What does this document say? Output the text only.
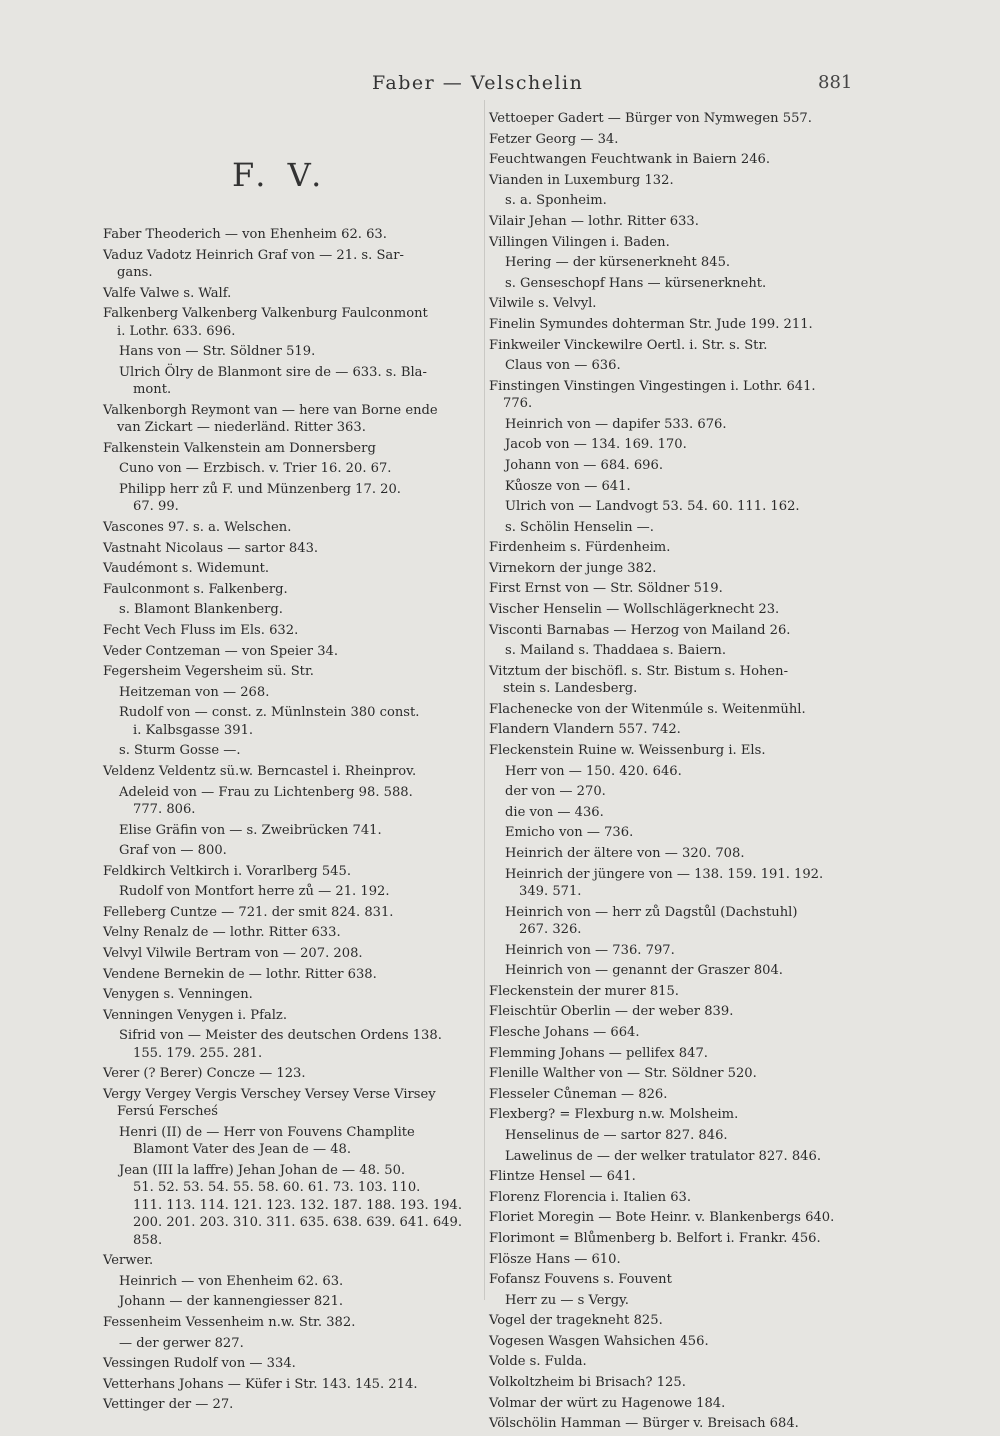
Faber — Velschelin	881
F. V.
Faber Theoderich — von Ehenheim 62. 63.
Vaduz Vadotz Heinrich Graf von — 21. s. Sar-
gans.
Valfe Valwe s. Walf.
Falkenberg Valkenberg Valkenburg Faulconmont
i. Lothr. 633. 696.
Hans von — Str. Söldner 519.
Ulrich Ölry de Blanmont sire de — 633. s. Bla-
mont.
Valkenborgh Reymont van — here van Borne ende
van Zickart — niederländ. Ritter 363.
Falkenstein Valkenstein am Donnersberg
Cuno von — Erzbisch. v. Trier 16. 20. 67.
Philipp herr zů F. und Münzenberg 17. 20.
67. 99.
Vascones 97. s. a. Welschen.
Vastnaht Nicolaus — sartor 843.
Vaudémont s. Widemunt.
Faulconmont s. Falkenberg.
s. Blamont Blankenberg.
Fecht Vech Fluss im Els. 632.
Veder Contzeman — von Speier 34.
Fegersheim Vegersheim sü. Str.
Heitzeman von — 268.
Rudolf von — const. z. Münlnstein 380 const.
i. Kalbsgasse 391.
s. Sturm Gosse —.
Veldenz Veldentz sü.w. Berncastel i. Rheinprov.
Adeleid von — Frau zu Lichtenberg 98. 588.
777. 806.
Elise Gräfin von — s. Zweibrücken 741.
Graf von — 800.
Feldkirch Veltkirch i. Vorarlberg 545.
Rudolf von Montfort herre zů — 21. 192.
Felleberg Cuntze — 721. der smit 824. 831.
Velny Renalz de — lothr. Ritter 633.
Velvyl Vilwile Bertram von — 207. 208.
Vendene Bernekin de — lothr. Ritter 638.
Venygen s. Venningen.
Venningen Venygen i. Pfalz.
Sifrid von — Meister des deutschen Ordens 138.
155. 179. 255. 281.
Verer (? Berer) Concze — 123.
Vergy Vergey Vergis Verschey Versey Verse Virsey
Fersú Ferscheś
Henri (II) de — Herr von Fouvens Champlite
Blamont Vater des Jean de — 48.
Jean (III la laffre) Jehan Johan de — 48. 50.
51. 52. 53. 54. 55. 58. 60. 61. 73. 103. 110.
111. 113. 114. 121. 123. 132. 187. 188. 193. 194.
200. 201. 203. 310. 311. 635. 638. 639. 641. 649.
858.
Verwer.
Heinrich — von Ehenheim 62. 63.
Johann — der kannengiesser 821.
Fessenheim Vessenheim n.w. Str. 382.
— der gerwer 827.
Vessingen Rudolf von — 334.
Vetterhans Johans — Küfer i Str. 143. 145. 214.
Vettinger der — 27.
Vettoeper Gadert — Bürger von Nymwegen 557.
Fetzer Georg — 34.
Feuchtwangen Feuchtwank in Baiern 246.
Vianden in Luxemburg 132.
s. a. Sponheim.
Vilair Jehan — lothr. Ritter 633.
Villingen Vilingen i. Baden.
Hering — der kürsenerkneht 845.
s. Genseschopf Hans — kürsenerkneht.
Vilwile s. Velvyl.
Finelin Symundes dohterman Str. Jude 199. 211.
Finkweiler Vinckewilre Oertl. i. Str. s. Str.
Claus von — 636.
Finstingen Vinstingen Vingestingen i. Lothr. 641.
776.
Heinrich von — dapifer 533. 676.
Jacob von — 134. 169. 170.
Johann von — 684. 696.
Kůosze von — 641.
Ulrich von — Landvogt 53. 54. 60. 111. 162.
s. Schölin Henselin —.
Firdenheim s. Fürdenheim.
Virnekorn der junge 382.
First Ernst von — Str. Söldner 519.
Vischer Henselin — Wollschlägerknecht 23.
Visconti Barnabas — Herzog von Mailand 26.
s. Mailand s. Thaddaea s. Baiern.
Vitztum der bischöfl. s. Str. Bistum s. Hohen-
stein s. Landesberg.
Flachenecke von der Witenmúle s. Weitenmühl.
Flandern Vlandern 557. 742.
Fleckenstein Ruine w. Weissenburg i. Els.
Herr von — 150. 420. 646.
der von — 270.
die von — 436.
Emicho von — 736.
Heinrich der ältere von — 320. 708.
Heinrich der jüngere von — 138. 159. 191. 192.
349. 571.
Heinrich von — herr zů Dagstůl (Dachstuhl)
267. 326.
Heinrich von — 736. 797.
Heinrich von — genannt der Graszer 804.
Fleckenstein der murer 815.
Fleischtür Oberlin — der weber 839.
Flesche Johans — 664.
Flemming Johans — pellifex 847.
Flenille Walther von — Str. Söldner 520.
Flesseler Cůneman — 826.
Flexberg? = Flexburg n.w. Molsheim.
Henselinus de — sartor 827. 846.
Lawelinus de — der welker tratulator 827. 846.
Flintze Hensel — 641.
Florenz Florencia i. Italien 63.
Floriet Moregin — Bote Heinr. v. Blankenbergs 640.
Florimont = Blůmenberg b. Belfort i. Frankr. 456.
Flösze Hans — 610.
Fofansz Fouvens s. Fouvent
Herr zu — s Vergy.
Vogel der trageknеht 825.
Vogesen Wasgen Wahsichen 456.
Volde s. Fulda.
Volkoltzheim bi Brisach? 125.
Volmar der würt zu Hagenowe 184.
Völschölin Hamman — Bürger v. Breisach 684.
